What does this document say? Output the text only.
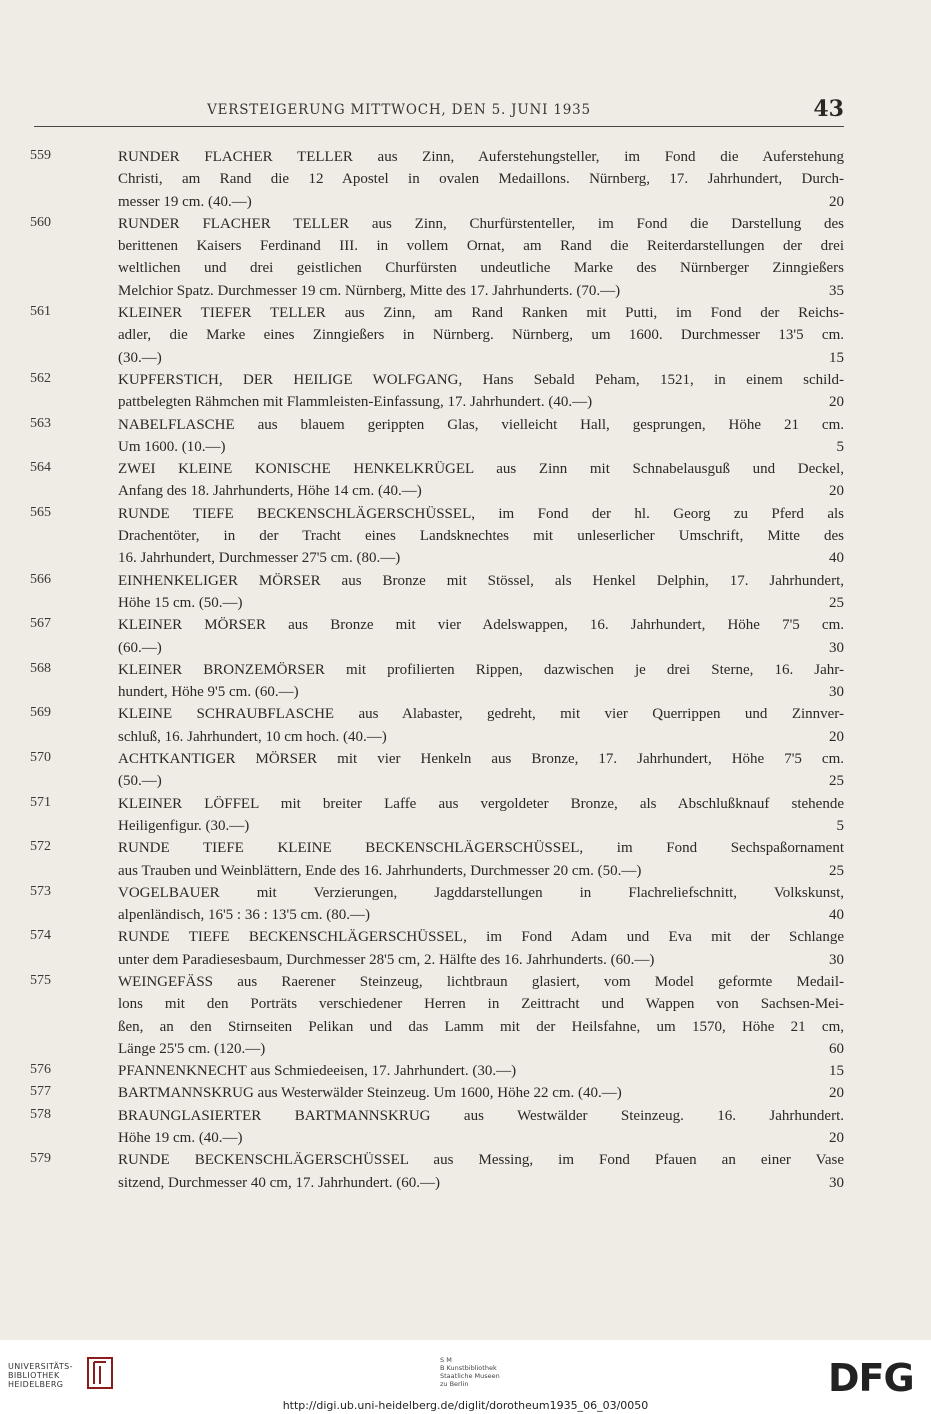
VERSTEIGERUNG MITTWOCH, DEN 5. JUNI 1935	43
559	RUNDER FLACHER TELLER aus Zinn, Auferstehungsteller, im Fond die Auferstehung
Christi, am Rand die 12 Apostel in ovalen Medaillons. Nürnberg, 17. Jahrhundert, Durch-
messer 19 cm. (40.—)	20
560	RUNDER FLACHER TELLER aus Zinn, Churfürstenteller, im Fond die Darstellung des
berittenen Kaisers Ferdinand III. in vollem Ornat, am Rand die Reiterdarstellungen der drei
weltlichen und drei geistlichen Churfürsten undeutliche Marke des Nürnberger Zinngießers
Melchior Spatz. Durchmesser 19 cm. Nürnberg, Mitte des 17. Jahrhunderts. (70.—)	35
561	KLEINER TIEFER TELLER aus Zinn, am Rand Ranken mit Putti, im Fond der Reichs-
adler, die Marke eines Zinngießers in Nürnberg. Nürnberg, um 1600. Durchmesser 13'5 cm.
(30.—)	15
562	KUPFERSTICH, DER HEILIGE WOLFGANG, Hans Sebald Peham, 1521, in einem schild-
pattbelegten Rähmchen mit Flammleisten-Einfassung, 17. Jahrhundert. (40.—)	20
563	NABELFLASCHE aus blauem gerippten Glas, vielleicht Hall, gesprungen, Höhe 21 cm.
Um 1600. (10.—)	5
564	ZWEI KLEINE KONISCHE HENKELKRÜGEL aus Zinn mit Schnabelausguß und Deckel,
Anfang des 18. Jahrhunderts, Höhe 14 cm. (40.—)	20
565	RUNDE TIEFE BECKENSCHLÄGERSCHÜSSEL, im Fond der hl. Georg zu Pferd als
Drachentöter, in der Tracht eines Landsknechtes mit unleserlicher Umschrift, Mitte des
16. Jahrhundert, Durchmesser 27'5 cm. (80.—)	40
566	EINHENKELIGER MÖRSER aus Bronze mit Stössel, als Henkel Delphin, 17. Jahrhundert,
Höhe 15 cm. (50.—)	25
567	KLEINER MÖRSER aus Bronze mit vier Adelswappen, 16. Jahrhundert, Höhe 7'5 cm.
(60.—)	30
568	KLEINER BRONZEMÖRSER mit profilierten Rippen, dazwischen je drei Sterne, 16. Jahr-
hundert, Höhe 9'5 cm. (60.—)	30
569	KLEINE SCHRAUBFLASCHE aus Alabaster, gedreht, mit vier Querrippen und Zinnver-
schluß, 16. Jahrhundert, 10 cm hoch. (40.—)	20
570	ACHTKANTIGER MÖRSER mit vier Henkeln aus Bronze, 17. Jahrhundert, Höhe 7'5 cm.
(50.—)	25
571	KLEINER LÖFFEL mit breiter Laffe aus vergoldeter Bronze, als Abschlußknauf stehende
Heiligenfigur. (30.—)	5
572	RUNDE TIEFE KLEINE BECKENSCHLÄGERSCHÜSSEL, im Fond Sechspaßornament
aus Trauben und Weinblättern, Ende des 16. Jahrhunderts, Durchmesser 20 cm. (50.—)	25
573	VOGELBAUER mit Verzierungen, Jagddarstellungen in Flachreliefschnitt, Volkskunst,
alpenländisch, 16'5 : 36 : 13'5 cm. (80.—)	40
574	RUNDE TIEFE BECKENSCHLÄGERSCHÜSSEL, im Fond Adam und Eva mit der Schlange
unter dem Paradiesesbaum, Durchmesser 28'5 cm, 2. Hälfte des 16. Jahrhunderts. (60.—)	30
575	WEINGEFÄSS aus Raerener Steinzeug, lichtbraun glasiert, vom Model geformte Medail-
lons mit den Porträts verschiedener Herren in Zeittracht und Wappen von Sachsen-Mei-
ßen, an den Stirnseiten Pelikan und das Lamm mit der Heilsfahne, um 1570, Höhe 21 cm,
Länge 25'5 cm. (120.—)	60
576	PFANNENKNECHT aus Schmiedeeisen, 17. Jahrhundert. (30.—)	15
577	BARTMANNSKRUG aus Westerwälder Steinzeug. Um 1600, Höhe 22 cm. (40.—)	20
578	BRAUNGLASIERTER BARTMANNSKRUG aus Westwälder Steinzeug. 16. Jahrhundert.
Höhe 19 cm. (40.—)	20
579	RUNDE BECKENSCHLÄGERSCHÜSSEL aus Messing, im Fond Pfauen an einer Vase
sitzend, Durchmesser 40 cm, 17. Jahrhundert. (60.—)	30
UNIVERSITÄTS-
BIBLIOTHEK
HEIDELBERG
S M
B Kunstbibliothek
Staatliche Museen
zu Berlin	DFG
http://digi.ub.uni-heidelberg.de/diglit/dorotheum1935_06_03/0050
